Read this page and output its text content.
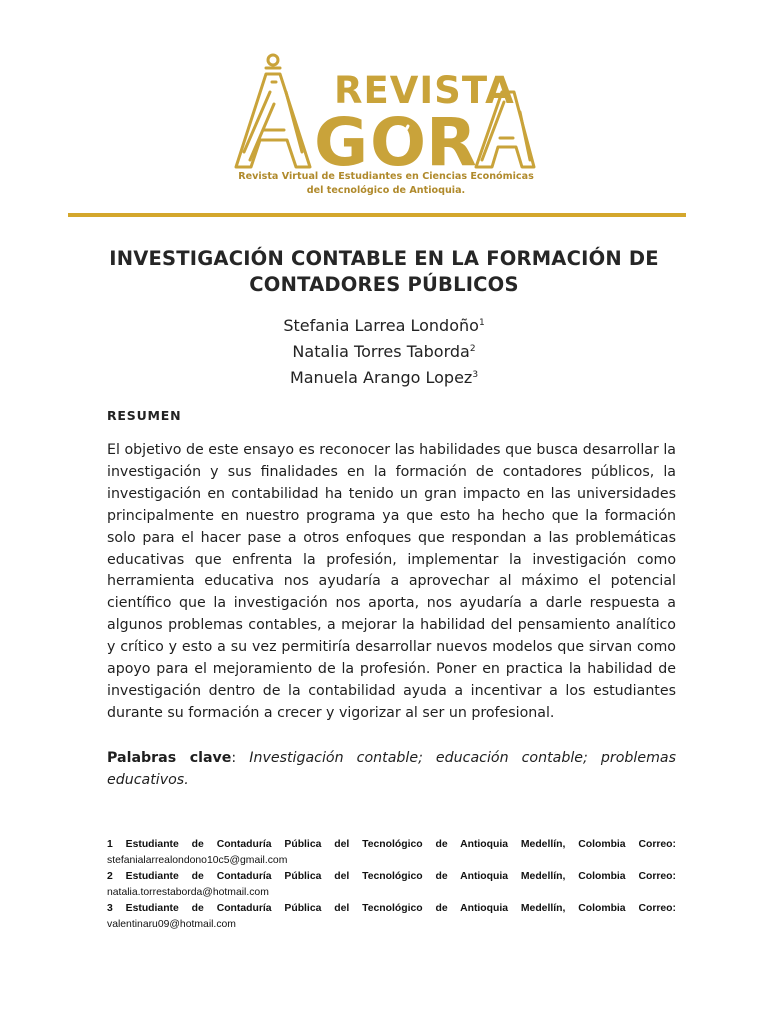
G O R
REVISTA
Revista Virtual de Estudiantes en Ciencias Económicas
del tecnológico de Antioquia.
INVESTIGACIÓN CONTABLE EN LA FORMACIÓN DE
CONTADORES PÚBLICOS
Stefania Larrea Londoño$^1$
Natalia Torres Taborda$^2$
Manuela Arango Lopez$^3$
RESUMEN
El objetivo de este ensayo es reconocer las habilidades que busca desarrollar la investigación y sus finalidades en la formación de contadores públicos, la investigación en contabilidad ha tenido un gran impacto en las universidades principalmente en nuestro programa ya que esto ha hecho que la formación solo para el hacer pase a otros enfoques que respondan a las problemáticas educativas que enfrenta la profesión, implementar la investigación como herramienta educativa nos ayudaría a aprovechar al máximo el potencial científico que la investigación nos aporta, nos ayudaría a darle respuesta a algunos problemas contables, a mejorar la habilidad del pensamiento analítico y crítico y esto a su vez permitiría desarrollar nuevos modelos que sirvan como apoyo para el mejoramiento de la profesión. Poner en practica la habilidad de investigación dentro de la contabilidad ayuda a incentivar a los estudiantes durante su formación a crecer y vigorizar al ser un profesional.
Palabras clave: Investigación contable; educación contable; problemas educativos.
1 Estudiante de Contaduría Pública del Tecnológico de Antioquia Medellín, Colombia Correo:
stefanialarrealondono10c5@gmail.com
2 Estudiante de Contaduría Pública del Tecnológico de Antioquia Medellín, Colombia Correo:
natalia.torrestaborda@hotmail.com
3 Estudiante de Contaduría Pública del Tecnológico de Antioquia Medellín, Colombia Correo:
valentinaru09@hotmail.com
